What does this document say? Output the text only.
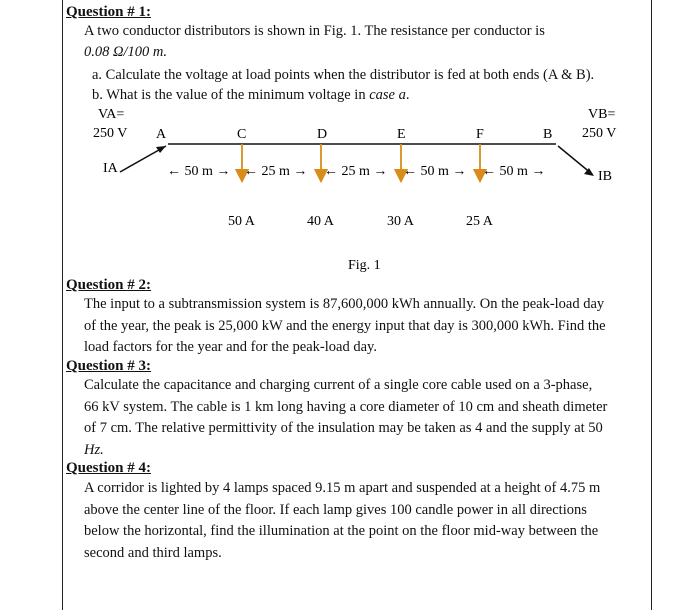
Question # 1:
A two conductor distributors is shown in Fig. 1. The resistance per conductor is
0.08 Ω/100 m.
a. Calculate the voltage at load points when the distributor is fed at both ends (A & B).
b. What is the value of the minimum voltage in case a.
VA=
250 V
VB=
250 V
A	C	D	E	F	B
IA
IB
← 50 m → ← 25 m → ← 25 m → ← 50 m → ← 50 m →
50 A	40 A	30 A	25 A
Fig. 1
Question # 2:
The input to a subtransmission system is 87,600,000 kWh annually. On the peak-load day
of the year, the peak is 25,000 kW and the energy input that day is 300,000 kWh. Find the
load factors for the year and for the peak-load day.
Question # 3:
Calculate the capacitance and charging current of a single core cable used on a 3-phase,
66 kV system. The cable is 1 km long having a core diameter of 10 cm and sheath dimeter
of 7 cm. The relative permittivity of the insulation may be taken as 4 and the supply at 50
Hz.
Question # 4:
A corridor is lighted by 4 lamps spaced 9.15 m apart and suspended at a height of 4.75 m
above the center line of the floor. If each lamp gives 100 candle power in all directions
below the horizontal, find the illumination at the point on the floor mid-way between the
second and third lamps.
